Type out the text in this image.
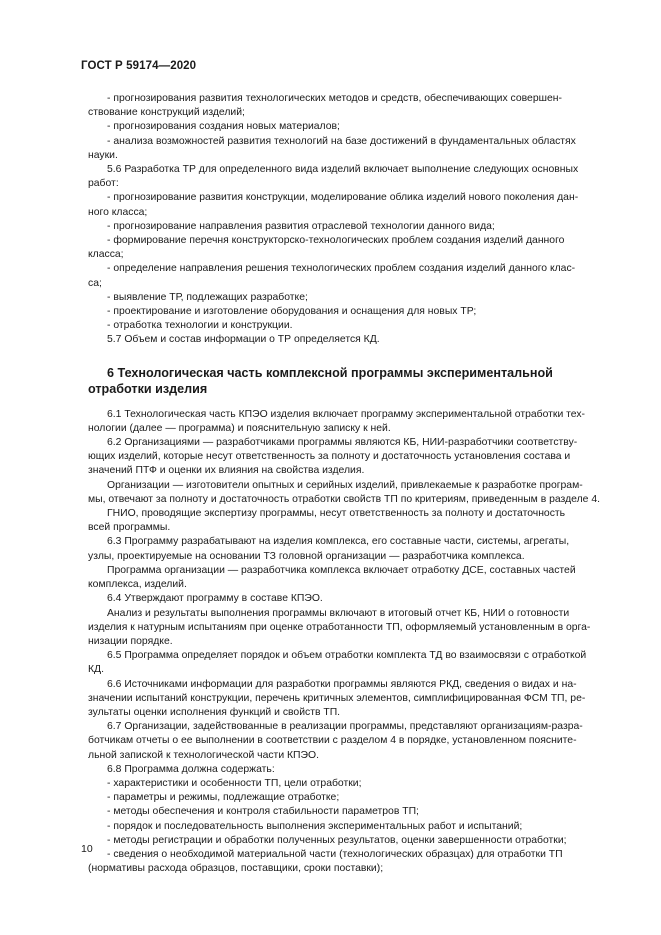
ГОСТ Р 59174—2020

- прогнозирования развития технологических методов и средств, обеспечивающих совершен-
ствование конструкций изделий;

- прогнозирования создания новых материалов;

- анализа возможностей развития технологий на базе достижений в фундаментальных областях
науки.

5.6 Разработка ТР для определенного вида изделий включает выполнение следующих основных
работ:

- прогнозирование развития конструкции, моделирование облика изделий нового поколения дан-
ного класса;

- прогнозирование направления развития отраслевой технологии данного вида;

- формирование перечня конструкторско-технологических проблем создания изделий данного
класса;

- определение направления решения технологических проблем создания изделий данного клас-
са;

- выявление ТР, подлежащих разработке;

- проектирование и изготовление оборудования и оснащения для новых ТР;

- отработка технологии и конструкции.

5.7 Объем и состав информации о ТР определяется КД.

6 Технологическая часть комплексной программы экспериментальной
отработки изделия

6.1 Технологическая часть КПЭО изделия включает программу экспериментальной отработки тех-
нологии (далее — программа) и пояснительную записку к ней.

6.2 Организациями — разработчиками программы являются КБ, НИИ-разработчики соответству-
ющих изделий, которые несут ответственность за полноту и достаточность установления состава и
значений ПТФ и оценки их влияния на свойства изделия.

Организации — изготовители опытных и серийных изделий, привлекаемые к разработке програм-
мы, отвечают за полноту и достаточность отработки свойств ТП по критериям, приведенным в разделе 4.

ГНИО, проводящие экспертизу программы, несут ответственность за полноту и достаточность
всей программы.

6.3 Программу разрабатывают на изделия комплекса, его составные части, системы, агрегаты,
узлы, проектируемые на основании ТЗ головной организации — разработчика комплекса.

Программа организации — разработчика комплекса включает отработку ДСЕ, составных частей
комплекса, изделий.

6.4 Утверждают программу в составе КПЭО.

Анализ и результаты выполнения программы включают в итоговый отчет КБ, НИИ о готовности
изделия к натурным испытаниям при оценке отработанности ТП, оформляемый установленным в орга-
низации порядке.

6.5 Программа определяет порядок и объем отработки комплекта ТД во взаимосвязи с отработкой
КД.

6.6 Источниками информации для разработки программы являются РКД, сведения о видах и на-
значении испытаний конструкции, перечень критичных элементов, симплифицированная ФСМ ТП, ре-
зультаты оценки исполнения функций и свойств ТП.

6.7 Организации, задействованные в реализации программы, представляют организациям-разра-
ботчикам отчеты о ее выполнении в соответствии с разделом 4 в порядке, установленном поясните-
льной запиской к технологической части КПЭО.

6.8 Программа должна содержать:

- характеристики и особенности ТП, цели отработки;

- параметры и режимы, подлежащие отработке;

- методы обеспечения и контроля стабильности параметров ТП;

- порядок и последовательность выполнения экспериментальных работ и испытаний;

- методы регистрации и обработки полученных результатов, оценки завершенности отработки;

- сведения о необходимой материальной части (технологических образцах) для отработки ТП
(нормативы расхода образцов, поставщики, сроки поставки);

10
